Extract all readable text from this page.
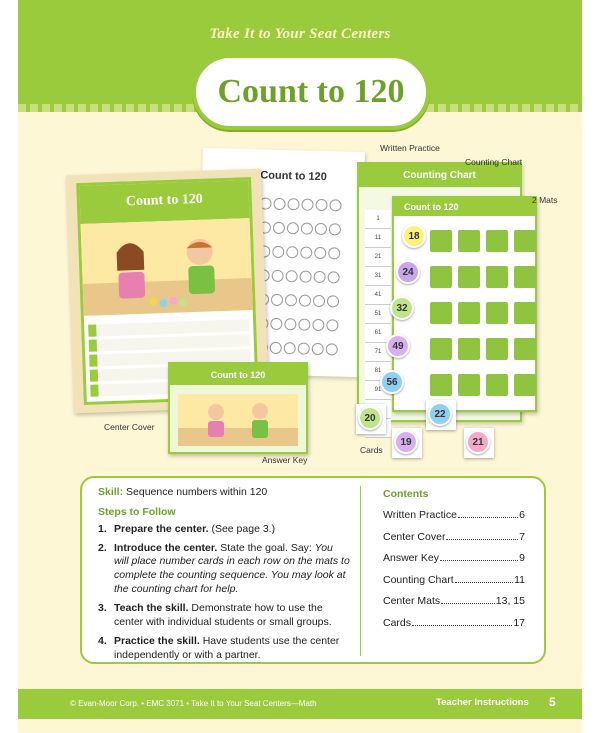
Take It to Your Seat Centers
Count to 120
Count to 120	Counting Chart
1
11
21
31
41
51
61
71
81
91
Count to 120
18
24
32
49
56
20
19
22
21
Count to 120
Count to 120
Written Practice
Counting Chart
2 Mats
Center Cover
Answer Key
Cards
Skill: Sequence numbers within 120
Steps to Follow
1. Prepare the center. (See page 3.)
2. Introduce the center. State the goal. Say: You will place number cards in each row on the mats to complete the counting sequence. You may look at the counting chart for help.
3. Teach the skill. Demonstrate how to use the center with individual students or small groups.
4. Practice the skill. Have students use the center independently or with a partner.
Contents
Written Practice	6
Center Cover	7
Answer Key	9
Counting Chart	11
Center Mats	13, 15
Cards	17
© Evan-Moor Corp. • EMC 3071 • Take It to Your Seat Centers—Math	Teacher Instructions 5
